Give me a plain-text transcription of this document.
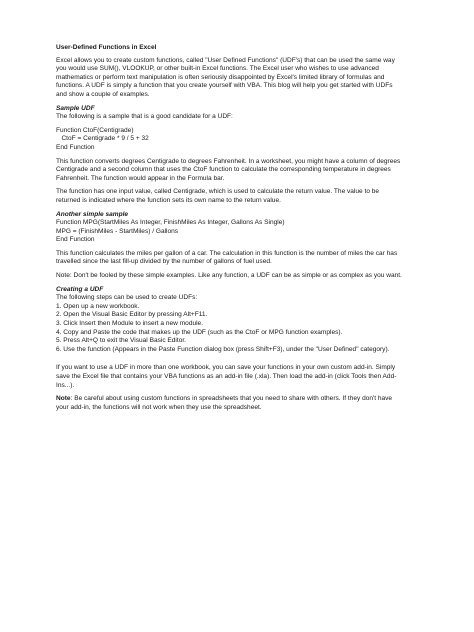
User-Defined Functions in Excel
Excel allows you to create custom functions, called "User Defined Functions" (UDF's) that can be used the same way
you would use SUM(), VLOOKUP, or other built-in Excel functions. The Excel user who wishes to use advanced
mathematics or perform text manipulation is often seriously disappointed by Excel's limited library of formulas and
functions. A UDF is simply a function that you create yourself with VBA. This blog will help you get started with UDFs
and show a couple of examples.
Sample UDF
The following is a sample that is a good candidate for a UDF:
Function CtoF(Centigrade)
CtoF = Centigrade * 9 / 5 + 32
End Function
This function converts degrees Centigrade to degrees Fahrenheit. In a worksheet, you might have a column of degrees
Centigrade and a second column that uses the CtoF function to calculate the corresponding temperature in degrees
Fahrenheit. The function would appear in the Formula bar.
The function has one input value, called Centigrade, which is used to calculate the return value. The value to be
returned is indicated where the function sets its own name to the return value.
Another simple sample
Function MPG(StartMiles As Integer, FinishMiles As Integer, Gallons As Single)
MPG = (FinishMiles - StartMiles) / Gallons
End Function
This function calculates the miles per gallon of a car. The calculation in this function is the number of miles the car has
travelled since the last fill-up divided by the number of gallons of fuel used.
Note: Don't be fooled by these simple examples. Like any function, a UDF can be as simple or as complex as you want.
Creating a UDF
The following steps can be used to create UDFs:
1. Open up a new workbook.
2. Open the Visual Basic Editor by pressing Alt+F11.
3. Click Insert then Module to insert a new module.
4. Copy and Paste the code that makes up the UDF (such as the CtoF or MPG function examples).
5. Press Alt+Q to exit the Visual Basic Editor.
6. Use the function (Appears in the Paste Function dialog box (press Shift+F3), under the "User Defined" category).
If you want to use a UDF in more than one workbook, you can save your functions in your own custom add-in. Simply
save the Excel file that contains your VBA functions as an add-in file (.xla). Then load the add-in (click Tools then Add-
Ins...).
Note: Be careful about using custom functions in spreadsheets that you need to share with others. If they don't have
your add-in, the functions will not work when they use the spreadsheet.
